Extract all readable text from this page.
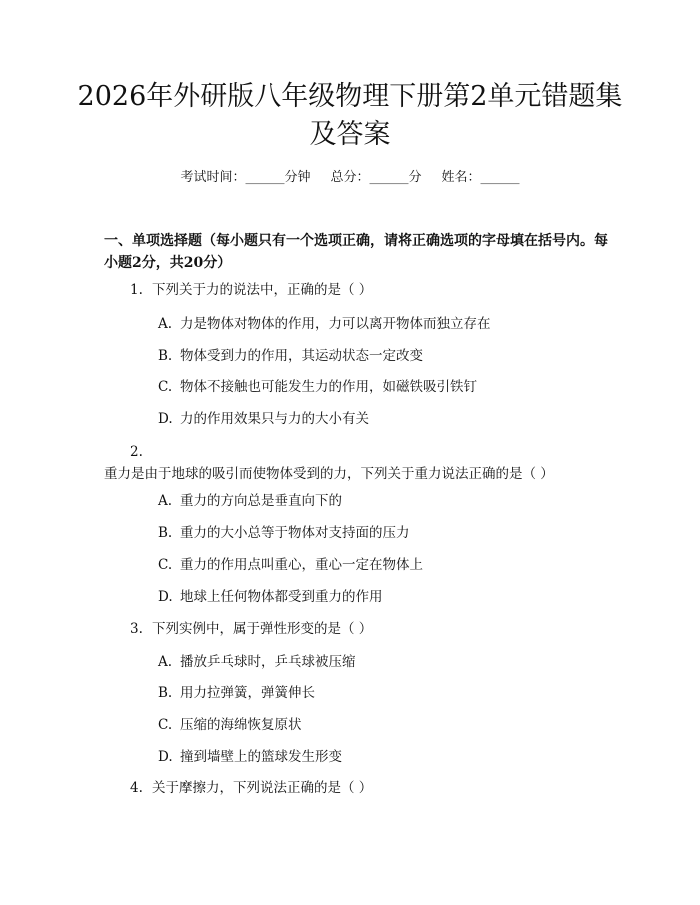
2026年外研版八年级物理下册第2单元错题集及答案
考试时间：______分钟 总分：______分 姓名：______

一、单项选择题（每小题只有一个选项正确，请将正确选项的字母填在括号内。每小题2分，共20分）

1. 下列关于力的说法中，正确的是（ ）

A. 力是物体对物体的作用，力可以离开物体而独立存在

B. 物体受到力的作用，其运动状态一定改变

C. 物体不接触也可能发生力的作用，如磁铁吸引铁钉

D. 力的作用效果只与力的大小有关

2.重力是由于地球的吸引而使物体受到的力，下列关于重力说法正确的是（ ）

A. 重力的方向总是垂直向下的

B. 重力的大小总等于物体对支持面的压力

C. 重力的作用点叫重心，重心一定在物体上

D. 地球上任何物体都受到重力的作用

3. 下列实例中，属于弹性形变的是（ ）

A. 播放乒乓球时，乒乓球被压缩

B. 用力拉弹簧，弹簧伸长

C. 压缩的海绵恢复原状

D. 撞到墙壁上的篮球发生形变

4. 关于摩擦力，下列说法正确的是（ ）
